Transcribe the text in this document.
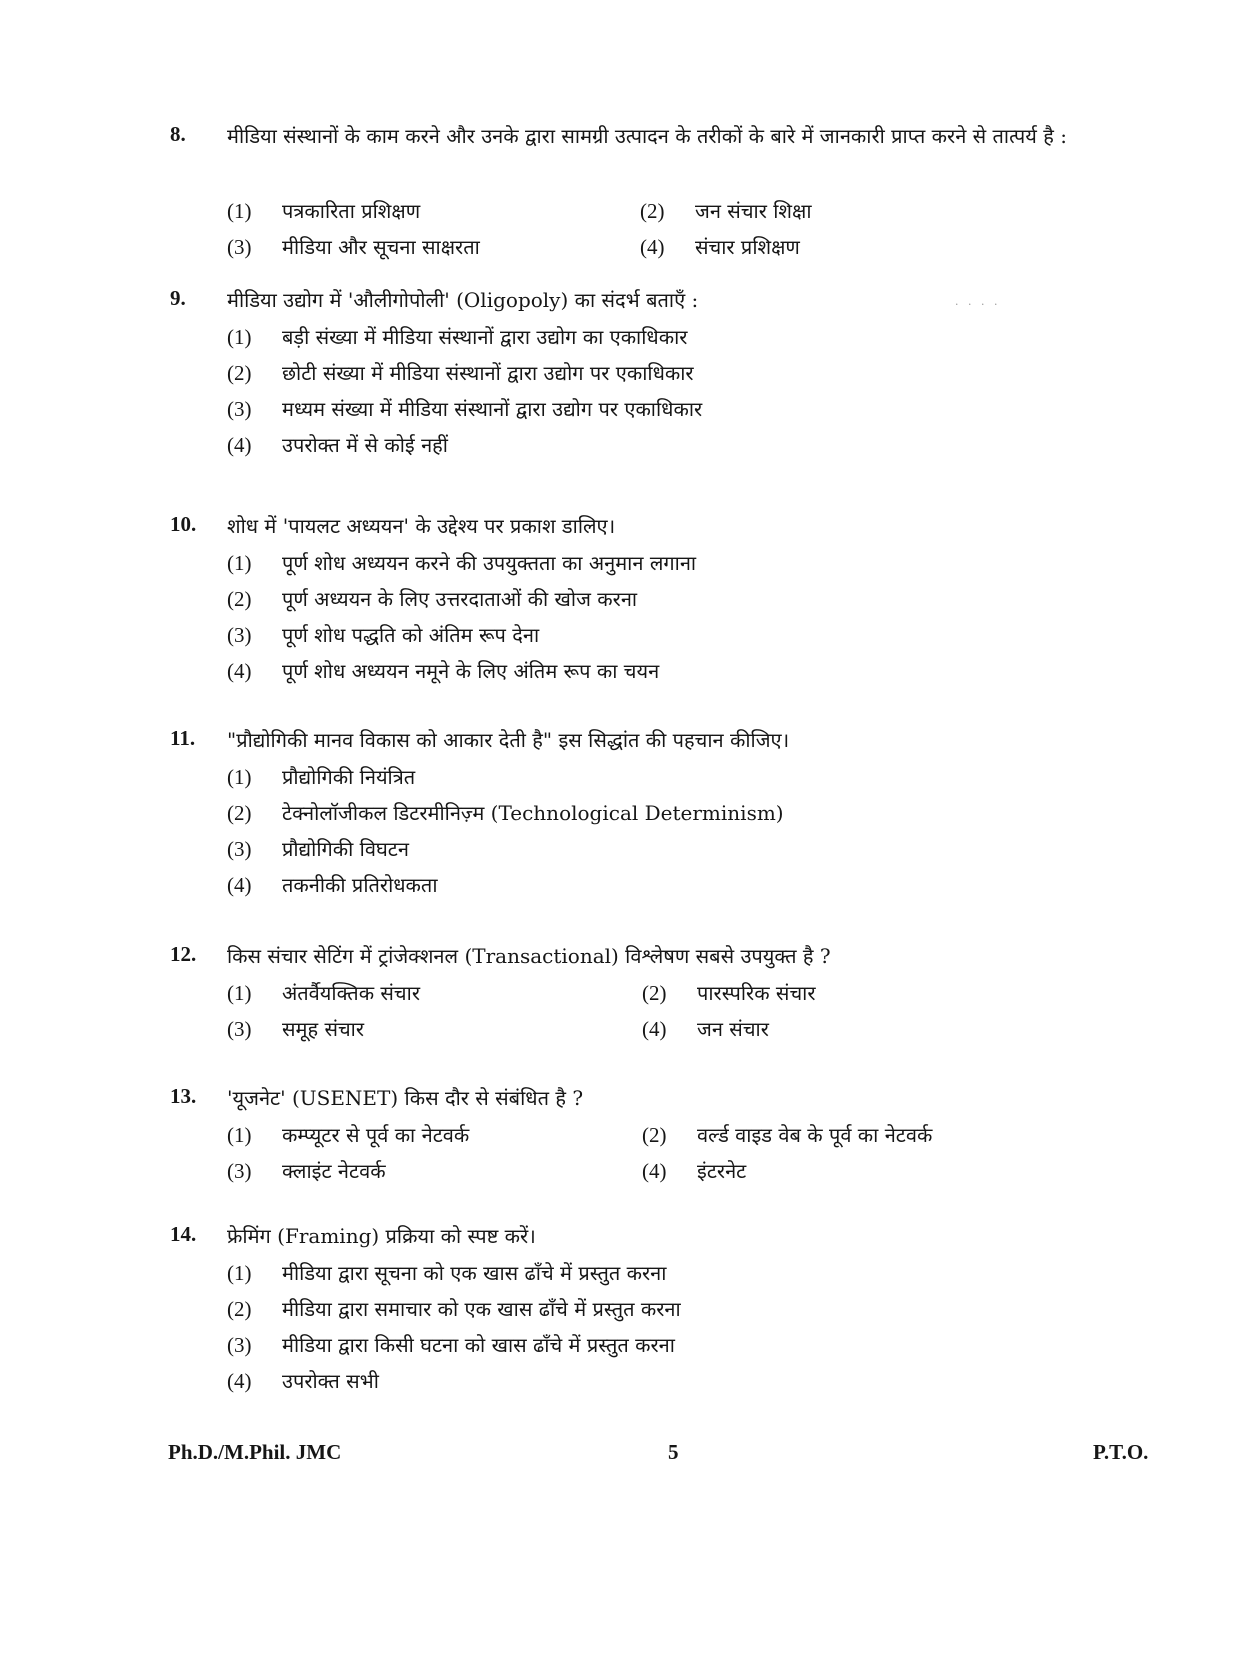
· · · ·
8. मीडिया संस्थानों के काम करने और उनके द्वारा सामग्री उत्पादन के तरीकों के बारे में जानकारी प्राप्त करने से तात्पर्य है :
(1) पत्रकारिता प्रशिक्षण	(2) जन संचार शिक्षा
(3) मीडिया और सूचना साक्षरता	(4) संचार प्रशिक्षण
9. मीडिया उद्योग में 'औलीगोपोली' (Oligopoly) का संदर्भ बताएँ :
(1) बड़ी संख्या में मीडिया संस्थानों द्वारा उद्योग का एकाधिकार
(2) छोटी संख्या में मीडिया संस्थानों द्वारा उद्योग पर एकाधिकार
(3) मध्यम संख्या में मीडिया संस्थानों द्वारा उद्योग पर एकाधिकार
(4) उपरोक्त में से कोई नहीं
10. शोध में 'पायलट अध्ययन' के उद्देश्य पर प्रकाश डालिए।
(1) पूर्ण शोध अध्ययन करने की उपयुक्तता का अनुमान लगाना
(2) पूर्ण अध्ययन के लिए उत्तरदाताओं की खोज करना
(3) पूर्ण शोध पद्धति को अंतिम रूप देना
(4) पूर्ण शोध अध्ययन नमूने के लिए अंतिम रूप का चयन
11. "प्रौद्योगिकी मानव विकास को आकार देती है" इस सिद्धांत की पहचान कीजिए।
(1) प्रौद्योगिकी नियंत्रित
(2) टेक्नोलॉजीकल डिटरमीनिज़्म (Technological Determinism)
(3) प्रौद्योगिकी विघटन
(4) तकनीकी प्रतिरोधकता
12. किस संचार सेटिंग में ट्रांजेक्शनल (Transactional) विश्लेषण सबसे उपयुक्त है ?
(1) अंतर्वैयक्तिक संचार	(2) पारस्परिक संचार
(3) समूह संचार	(4) जन संचार
13. 'यूजनेट' (USENET) किस दौर से संबंधित है ?
(1) कम्प्यूटर से पूर्व का नेटवर्क	(2) वर्ल्ड वाइड वेब के पूर्व का नेटवर्क
(3) क्लाइंट नेटवर्क	(4) इंटरनेट
14. फ्रेमिंग (Framing) प्रक्रिया को स्पष्ट करें।
(1) मीडिया द्वारा सूचना को एक खास ढाँचे में प्रस्तुत करना
(2) मीडिया द्वारा समाचार को एक खास ढाँचे में प्रस्तुत करना
(3) मीडिया द्वारा किसी घटना को खास ढाँचे में प्रस्तुत करना
(4) उपरोक्त सभी
Ph.D./M.Phil. JMC	5	P.T.O.
